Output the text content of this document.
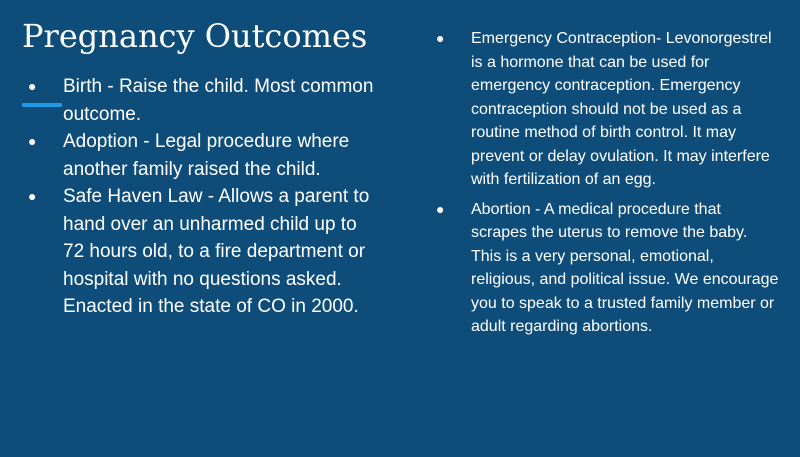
Pregnancy Outcomes
● Birth - Raise the child. Most common outcome.
● Adoption - Legal procedure where another family raised the child.
● Safe Haven Law - Allows a parent to hand over an unharmed child up to 72 hours old, to a fire department or hospital with no questions asked. Enacted in the state of CO in 2000.
● Emergency Contraception- Levonorgestrel is a hormone that can be used for emergency contraception. Emergency contraception should not be used as a routine method of birth control. It may prevent or delay ovulation. It may interfere with fertilization of an egg.
● Abortion - A medical procedure that scrapes the uterus to remove the baby. This is a very personal, emotional, religious, and political issue. We encourage you to speak to a trusted family member or adult regarding abortions.
